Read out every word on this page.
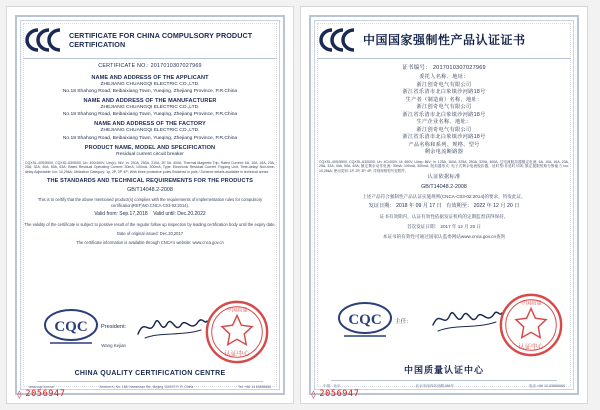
CERTIFICATE FOR CHINA COMPULSORY PRODUCT CERTIFICATION
CERTIFICATE NO.: 2017010307027969
NAME AND ADDRESS OF THE APPLICANT
ZHEJIANG CHUANGQI ELECTRIC CO.,LTD.
No.18 Shahong Road, Beibaixiang Town, Yueqing, Zhejiang Province, P.R.China
NAME AND ADDRESS OF THE MANUFACTURER
ZHEJIANG CHUANGQI ELECTRIC CO.,LTD.
No.18 Shahong Road, Beibaixiang Town, Yueqing, Zhejiang Province, P.R.China
NAME AND ADDRESS OF THE FACTORY
ZHEJIANG CHUANGQI ELECTRIC CO.,LTD.
No.18 Shahong Road, Beibaixiang Town, Yueqing, Zhejiang Province, P.R.China
PRODUCT NAME, MODEL AND SPECIFICATION
Residual current circuit breaker
CQXSL-40S/5500, CQXSL-63/5000, Un: 400/400V, Um(c): 9kV, In: 230A, 250A, 210A, 2E 3A, 400A, Thermal Magnetic Trip, Rated Current: 6A, 10A, 16A, 20A, 25A, 32A, 40A, 50A, 63A; Rated Residual Operating Current: 30mA, 100mA, 300mA; Type: Electronic Residual Current Tripping Unit, Time-delay/ Non-time-delay Adjustable; Icn: 10,25kA; Utilization Category: 1p, 2P, 3P, 4P; With three protective poles,Switched in pole / Scheme details available in technical annex.
THE STANDARDS AND TECHNICAL REQUIREMENTS FOR THE PRODUCTS
GB/T14048.2-2008
This is to certify that the above mentioned product(s) complies with the requirements of implementation rules for compulsory certification(REF)NO.CNCA-C03-02:2014).
Valid from: Sep.17,2018 Valid until: Dec.20.2022
The validity of the certificate is subject to positive result of the regular follow up inspection by leading certification body until the expiry date.
Date of original issued: Dec.20,2017
The certificate information is available through CNCA's website: www.cnca.gov.cn
CQC President:
Wang Kejian
认证中心
中国质量
CHINA QUALITY CERTIFICATION CENTRE
www.cqc.com.cn	Section K, No. 188, Nanshuan Rd., Beijing 100070 P. R. China	Tel: +86 10 83886666
◊ 2056947
中国国家强制性产品认证证书
证书编号： 2017010307027969
委托人名称、地址：
浙江创奇电气有限公司
浙江省乐清市北白象镇沙河路18号
生产者（制造商）名称、地址：
浙江创奇电气有限公司
浙江省乐清市北白象镇沙河路18号
生产企业名称、地址：
浙江创奇电气有限公司
浙江省乐清市北白象镇沙河路18号
产品名称和系列、规格、型号
剩余电流断路器
CQXSL-40S/5500, CQXSL-63/5000, Un: 4C/400V, Ui: 690V, Uimp: 8kV; In: 125A, 160A, 225A, 250A, 320A, 400A; 过电流脱扣器额定电流: 6A, 10A, 16A, 20A, 25A, 32A, 40A, 50A, 63A; 额定剩余动作电流: 30mA, 100mA, 300mA; 脱扣器形式: 电子式剩余电流脱扣器，延时型/非延时可调; 额定极限短路分断能力 Icu: 10,25kA; 使用类别: 1P, 2P, 3P, 4P; 详细规格型号见附件。
认证依据标准
GB/T14048.2-2008
上述产品符合强制性产品认证实施规则(CNCA-C03-02:2014)的要求，特发此证。
发证日期： 2018 年 09 月 17 日 有效期至： 2022 年 12 月 20 日
证书有效期内，认证有效性依据发证机构的定期监督获得保持。
首次发证日期： 2017 年 12 月 20 日
本证书的有效性可通过国家认监委网站www.cnca.gov.cn查询
CQC 主任：
认证中心
中国质量
中国质量认证中心
中国 · 北京	北京市南四环西路188号	电话 +86 10 83886666
◊ 2056947
